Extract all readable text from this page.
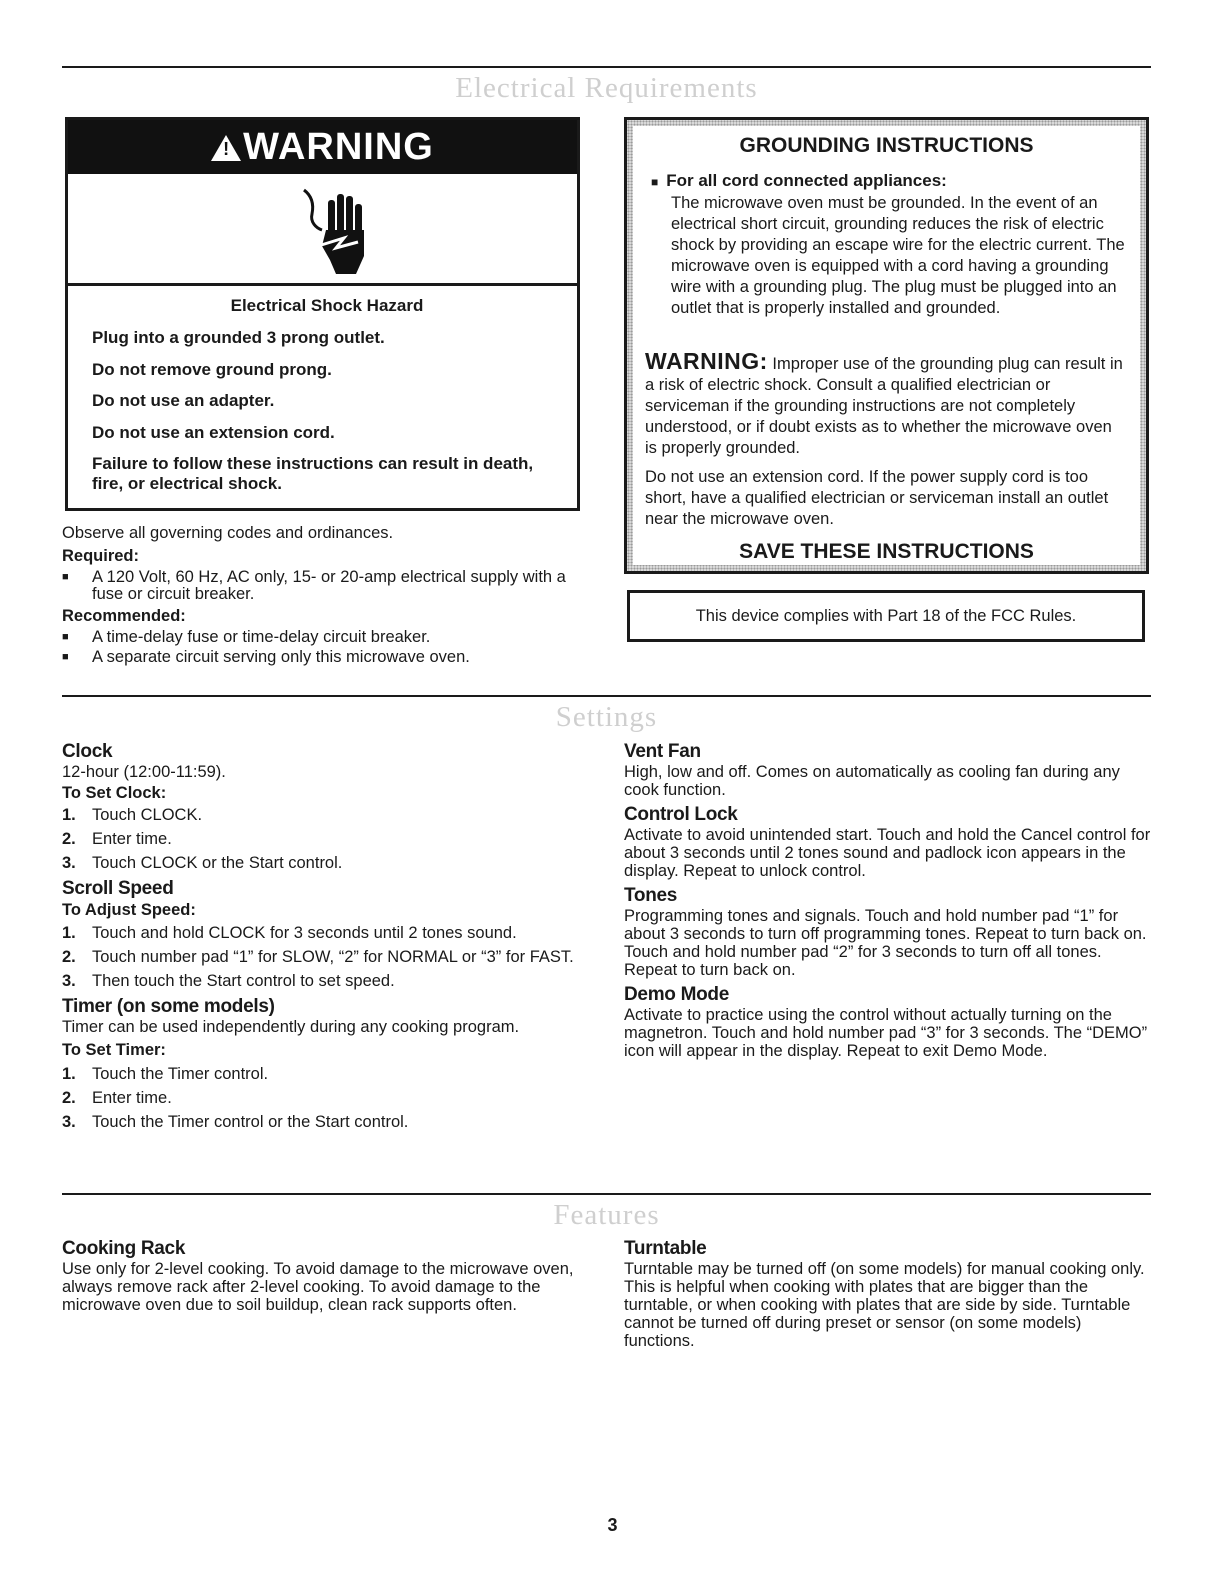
Electrical Requirements
! WARNING

Electrical Shock Hazard

Plug into a grounded 3 prong outlet.

Do not remove ground prong.

Do not use an adapter.

Do not use an extension cord.

Failure to follow these instructions can result in death, fire, or electrical shock.

Observe all governing codes and ordinances.

Required:

■	A 120 Volt, 60 Hz, AC only, 15- or 20-amp electrical supply with a fuse or circuit breaker.

Recommended:

■	A time-delay fuse or time-delay circuit breaker.
■	A separate circuit serving only this microwave oven.
GROUNDING INSTRUCTIONS

■ For all cord connected appliances:

The microwave oven must be grounded. In the event of an electrical short circuit, grounding reduces the risk of electric shock by providing an escape wire for the electric current. The microwave oven is equipped with a cord having a grounding wire with a grounding plug. The plug must be plugged into an outlet that is properly installed and grounded.

WARNING: Improper use of the grounding plug can result in a risk of electric shock. Consult a qualified electrician or serviceman if the grounding instructions are not completely understood, or if doubt exists as to whether the microwave oven is properly grounded.

Do not use an extension cord. If the power supply cord is too short, have a qualified electrician or serviceman install an outlet near the microwave oven.

SAVE THESE INSTRUCTIONS
This device complies with Part 18 of the FCC Rules.
Settings

Clock

12-hour (12:00-11:59).

To Set Clock:

1. Touch CLOCK.
2. Enter time.
3. Touch CLOCK or the Start control.

Scroll Speed

To Adjust Speed:

1. Touch and hold CLOCK for 3 seconds until 2 tones sound.
2. Touch number pad “1” for SLOW, “2” for NORMAL or “3” for FAST.
3. Then touch the Start control to set speed.

Timer (on some models)

Timer can be used independently during any cooking program.

To Set Timer:

1. Touch the Timer control.
2. Enter time.
3. Touch the Timer control or the Start control.

Vent Fan

High, low and off. Comes on automatically as cooling fan during any cook function.

Control Lock

Activate to avoid unintended start. Touch and hold the Cancel control for about 3 seconds until 2 tones sound and padlock icon appears in the display. Repeat to unlock control.

Tones

Programming tones and signals. Touch and hold number pad “1” for about 3 seconds to turn off programming tones. Repeat to turn back on. Touch and hold number pad “2” for 3 seconds to turn off all tones. Repeat to turn back on.

Demo Mode

Activate to practice using the control without actually turning on the magnetron. Touch and hold number pad “3” for 3 seconds. The “DEMO” icon will appear in the display. Repeat to exit Demo Mode.

Features

Cooking Rack

Use only for 2-level cooking. To avoid damage to the microwave oven, always remove rack after 2-level cooking. To avoid damage to the microwave oven due to soil buildup, clean rack supports often.

Turntable

Turntable may be turned off (on some models) for manual cooking only. This is helpful when cooking with plates that are bigger than the turntable, or when cooking with plates that are side by side. Turntable cannot be turned off during preset or sensor (on some models) functions.

3
